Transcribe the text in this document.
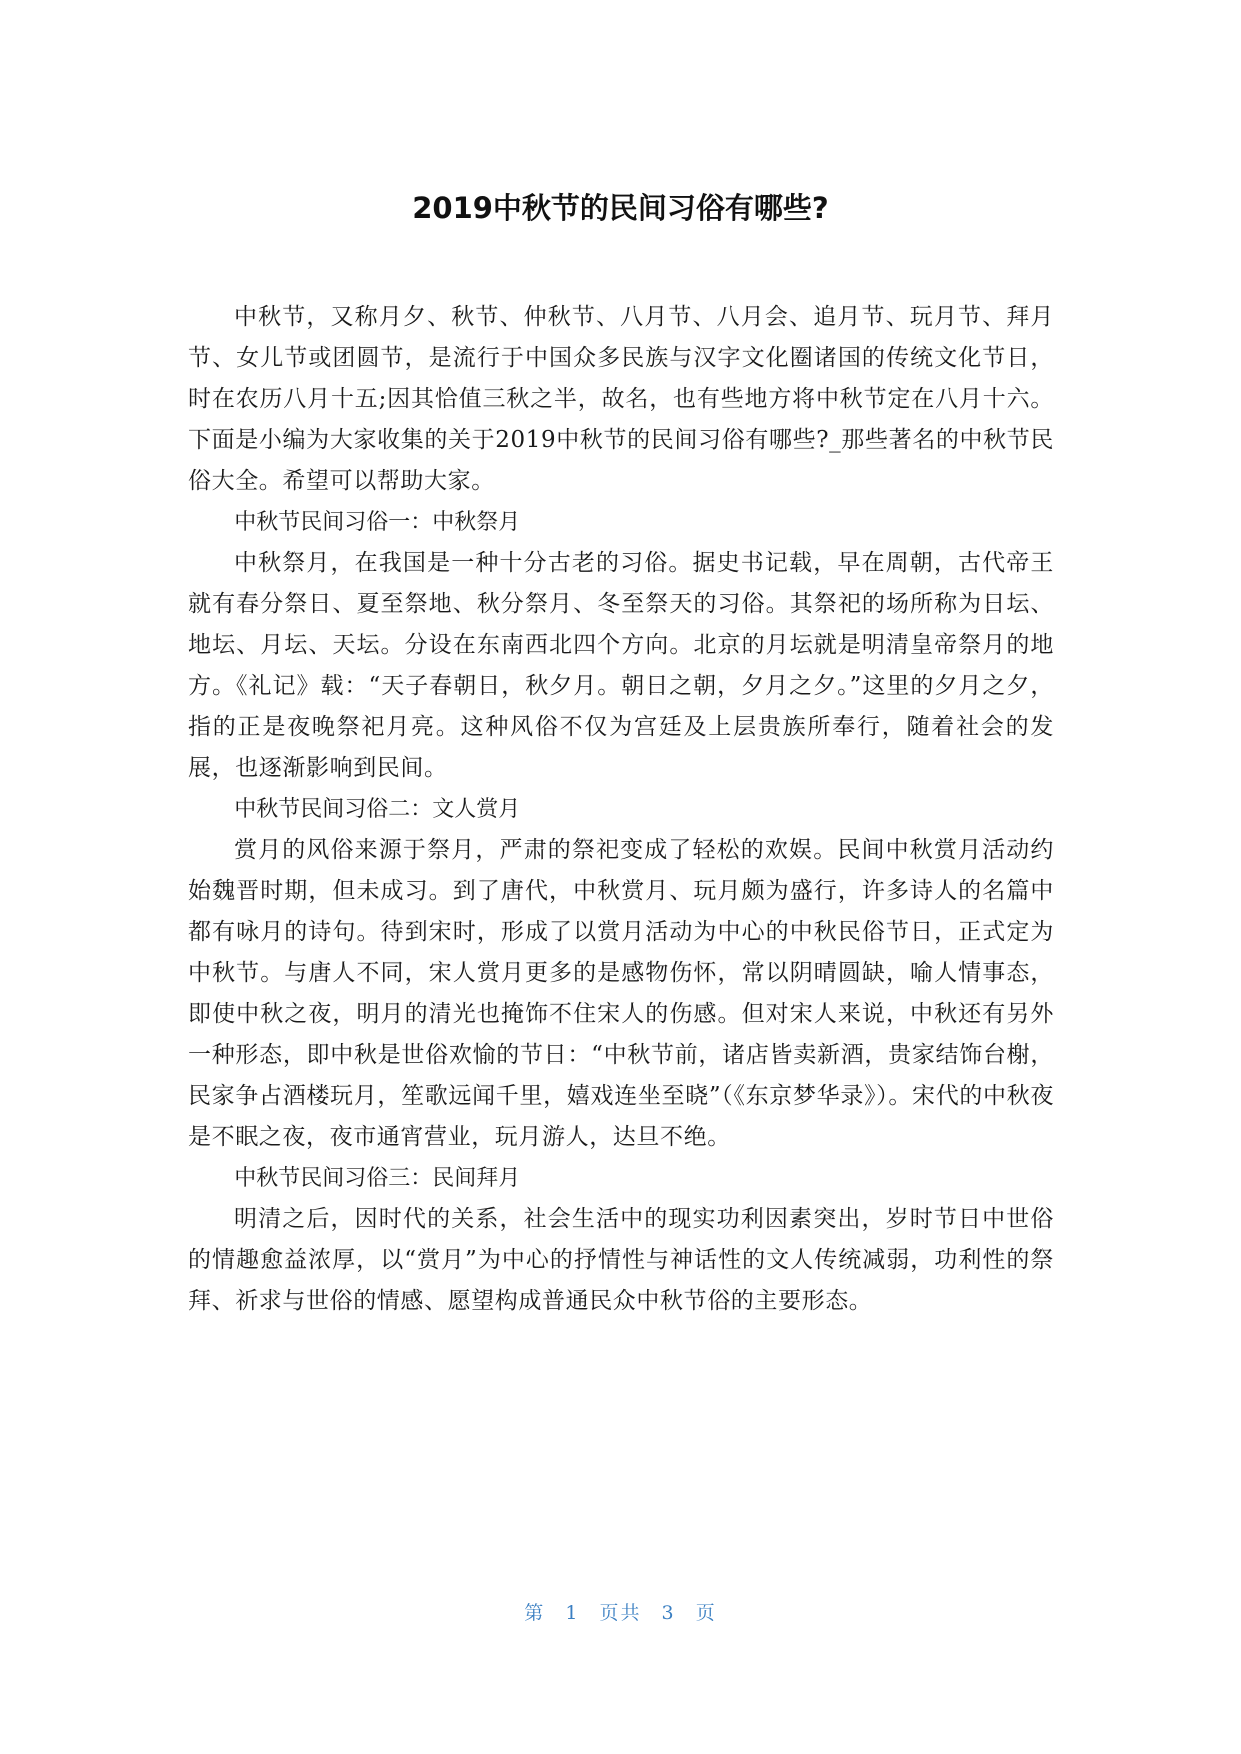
2019中秋节的民间习俗有哪些?

中秋节，又称月夕、秋节、仲秋节、八月节、八月会、追月节、玩月节、拜月节、女儿节或团圆节，是流行于中国众多民族与汉字文化圈诸国的传统文化节日，时在农历八月十五;因其恰值三秋之半，故名，也有些地方将中秋节定在八月十六。下面是小编为大家收集的关于2019中秋节的民间习俗有哪些?_那些著名的中秋节民俗大全。希望可以帮助大家。

中秋节民间习俗一：中秋祭月

中秋祭月，在我国是一种十分古老的习俗。据史书记载，早在周朝，古代帝王就有春分祭日、夏至祭地、秋分祭月、冬至祭天的习俗。其祭祀的场所称为日坛、地坛、月坛、天坛。分设在东南西北四个方向。北京的月坛就是明清皇帝祭月的地方。《礼记》载：“天子春朝日，秋夕月。朝日之朝，夕月之夕。”这里的夕月之夕，指的正是夜晚祭祀月亮。这种风俗不仅为宫廷及上层贵族所奉行，随着社会的发展，也逐渐影响到民间。

中秋节民间习俗二：文人赏月

赏月的风俗来源于祭月，严肃的祭祀变成了轻松的欢娱。民间中秋赏月活动约始魏晋时期，但未成习。到了唐代，中秋赏月、玩月颇为盛行，许多诗人的名篇中都有咏月的诗句。待到宋时，形成了以赏月活动为中心的中秋民俗节日，正式定为中秋节。与唐人不同，宋人赏月更多的是感物伤怀，常以阴晴圆缺，喻人情事态，即使中秋之夜，明月的清光也掩饰不住宋人的伤感。但对宋人来说，中秋还有另外一种形态，即中秋是世俗欢愉的节日：“中秋节前，诸店皆卖新酒，贵家结饰台榭，民家争占酒楼玩月，笙歌远闻千里，嬉戏连坐至晓”（《东京梦华录》）。宋代的中秋夜是不眠之夜，夜市通宵营业，玩月游人，达旦不绝。

中秋节民间习俗三：民间拜月

明清之后，因时代的关系，社会生活中的现实功利因素突出，岁时节日中世俗的情趣愈益浓厚，以“赏月”为中心的抒情性与神话性的文人传统减弱，功利性的祭拜、祈求与世俗的情感、愿望构成普通民众中秋节俗的主要形态。

第 1 页共 3 页
